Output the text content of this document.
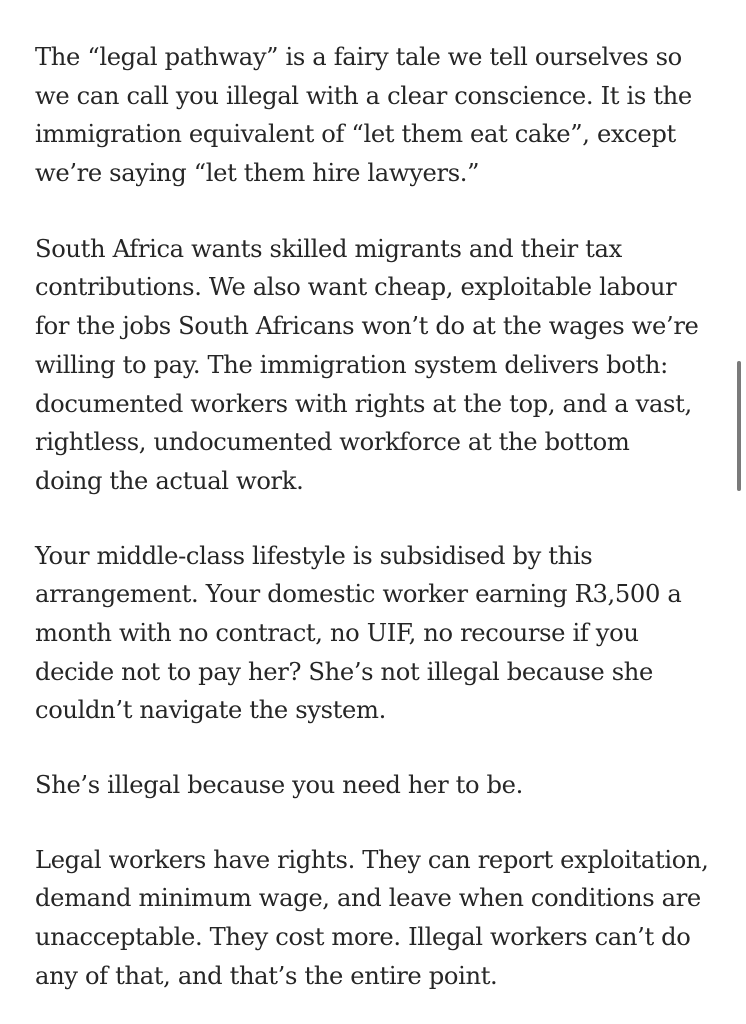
The “legal pathway” is a fairy tale we tell ourselves so
we can call you illegal with a clear conscience. It is the
immigration equivalent of “let them eat cake”, except
we’re saying “let them hire lawyers.”

South Africa wants skilled migrants and their tax
contributions. We also want cheap, exploitable labour
for the jobs South Africans won’t do at the wages we’re
willing to pay. The immigration system delivers both:
documented workers with rights at the top, and a vast,
rightless, undocumented workforce at the bottom
doing the actual work.

Your middle-class lifestyle is subsidised by this
arrangement. Your domestic worker earning R3,500 a
month with no contract, no UIF, no recourse if you
decide not to pay her? She’s not illegal because she
couldn’t navigate the system.

She’s illegal because you need her to be.

Legal workers have rights. They can report exploitation,
demand minimum wage, and leave when conditions are
unacceptable. They cost more. Illegal workers can’t do
any of that, and that’s the entire point.
